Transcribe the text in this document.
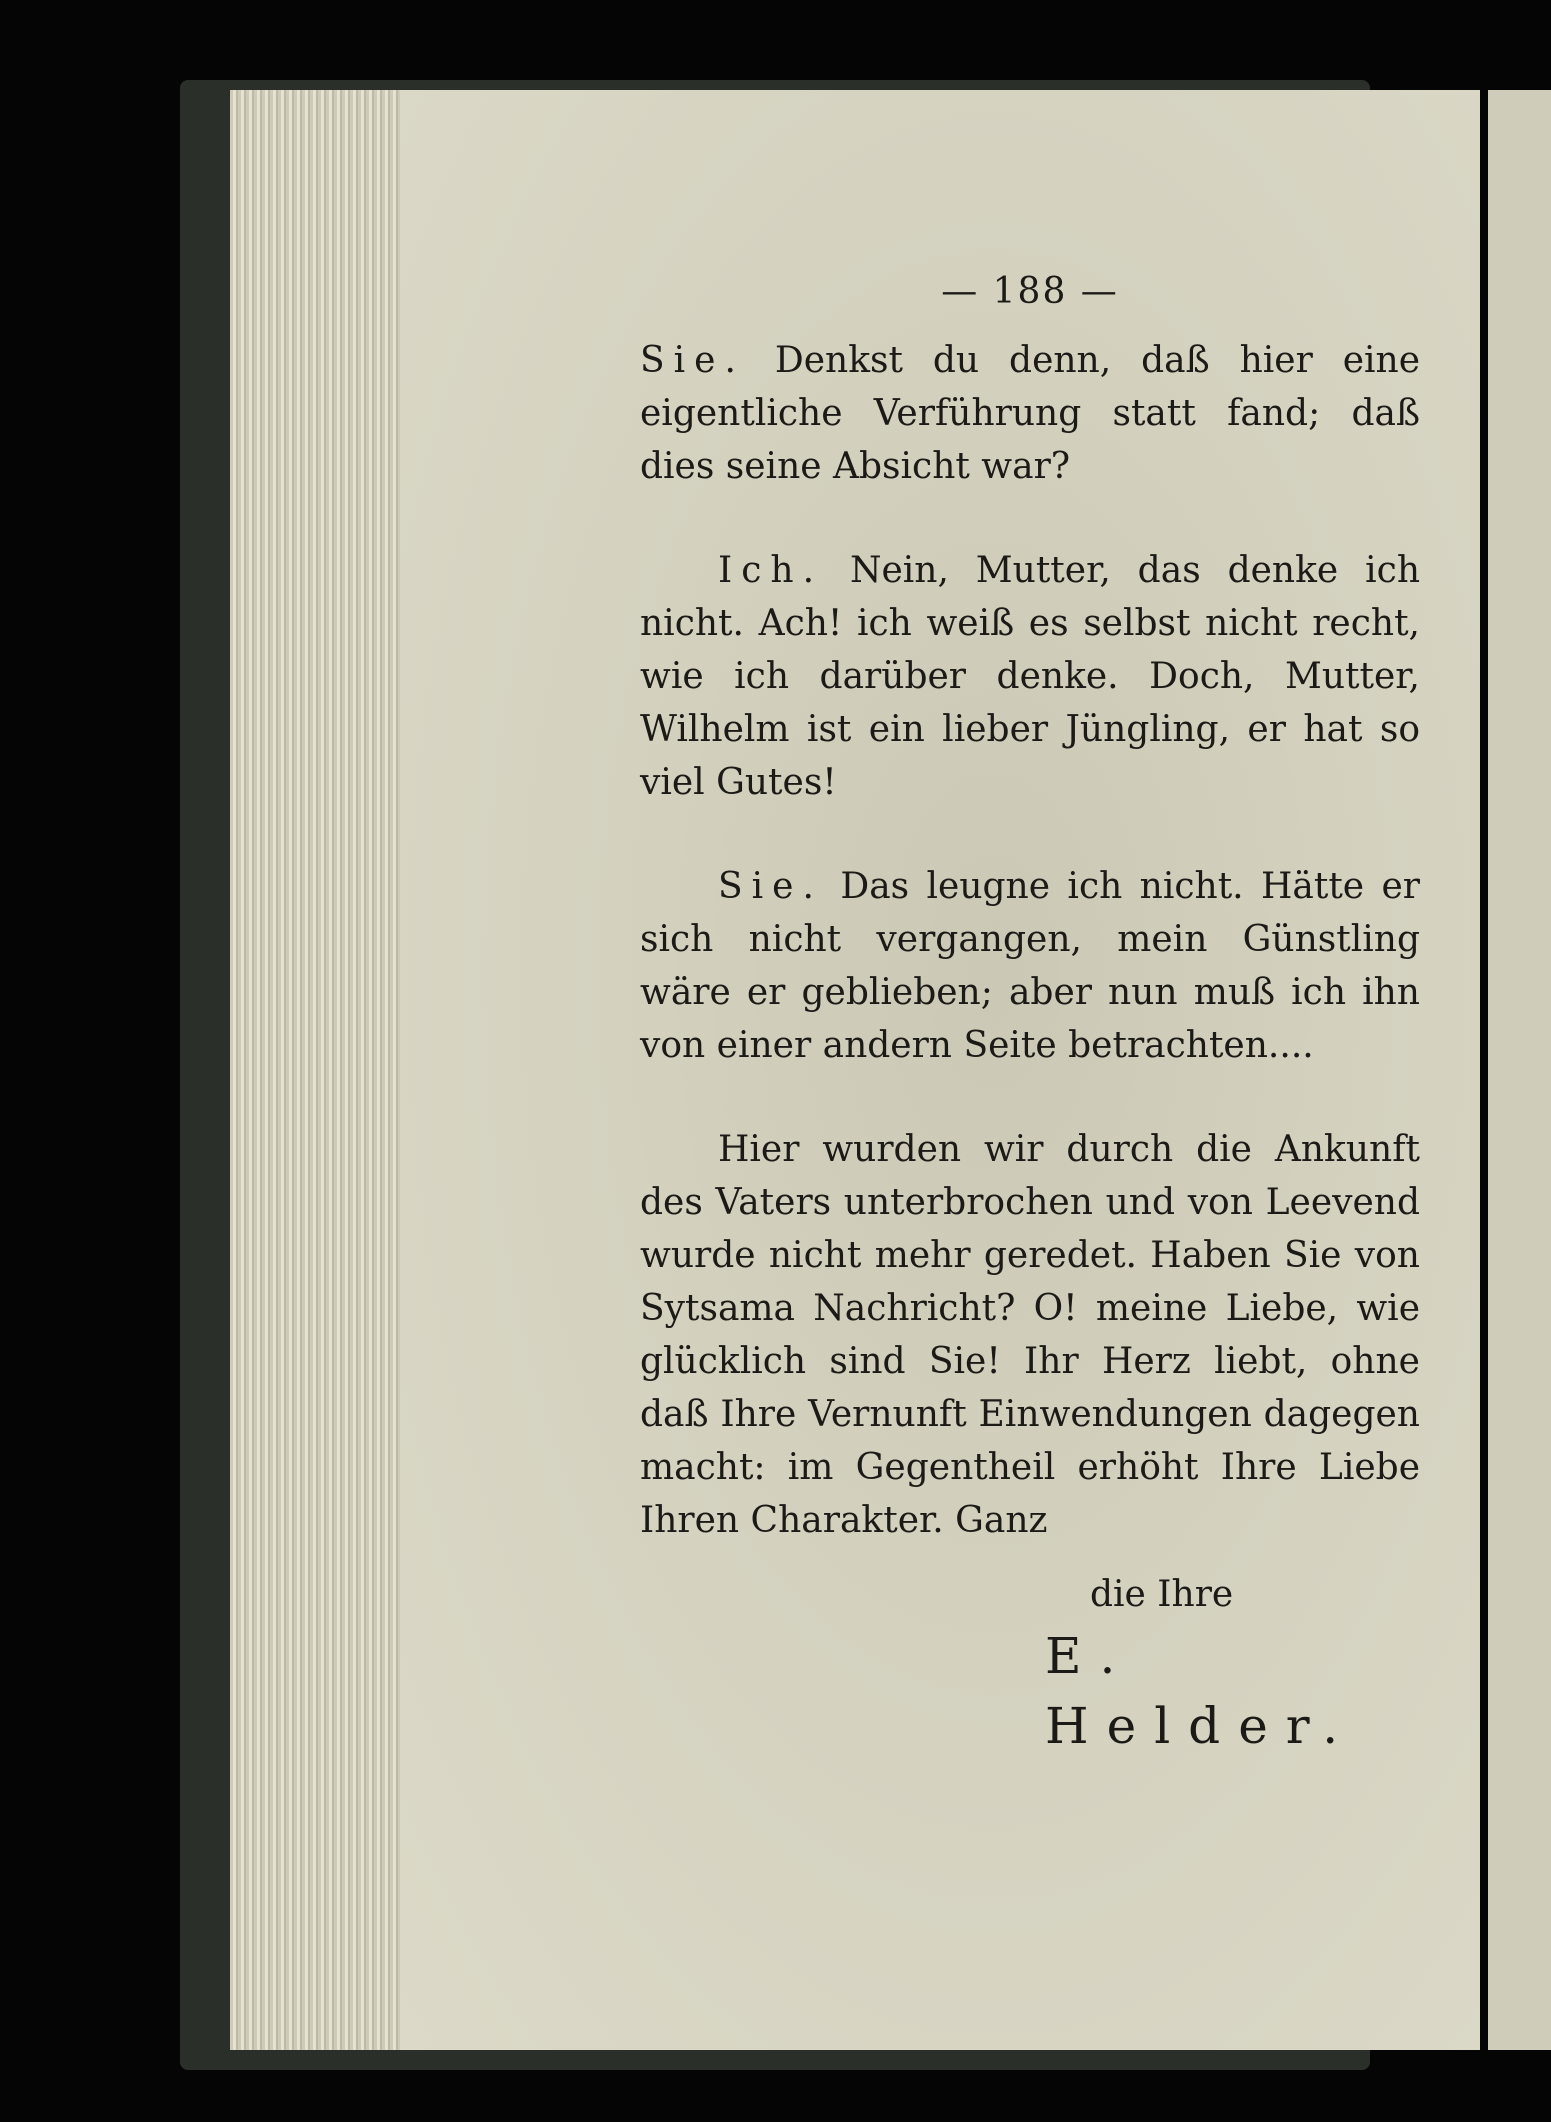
— 188 —

Sie. Denkst du denn, daß hier eine eigentliche Verführung statt fand; daß dies seine Absicht war?

Ich. Nein, Mutter, das denke ich nicht. Ach! ich weiß es selbst nicht recht, wie ich darüber denke. Doch, Mutter, Wilhelm ist ein lieber Jüngling, er hat so viel Gutes!

Sie. Das leugne ich nicht. Hätte er sich nicht vergangen, mein Günstling wäre er geblieben; aber nun muß ich ihn von einer andern Seite betrachten....

Hier wurden wir durch die Ankunft des Vaters unterbrochen und von Leevend wurde nicht mehr geredet. Haben Sie von Sytsama Nachricht? O! meine Liebe, wie glücklich sind Sie! Ihr Herz liebt, ohne daß Ihre Vernunft Einwendungen dagegen macht: im Gegentheil erhöht Ihre Liebe Ihren Charakter. Ganz

die Ihre
E. Helder.
